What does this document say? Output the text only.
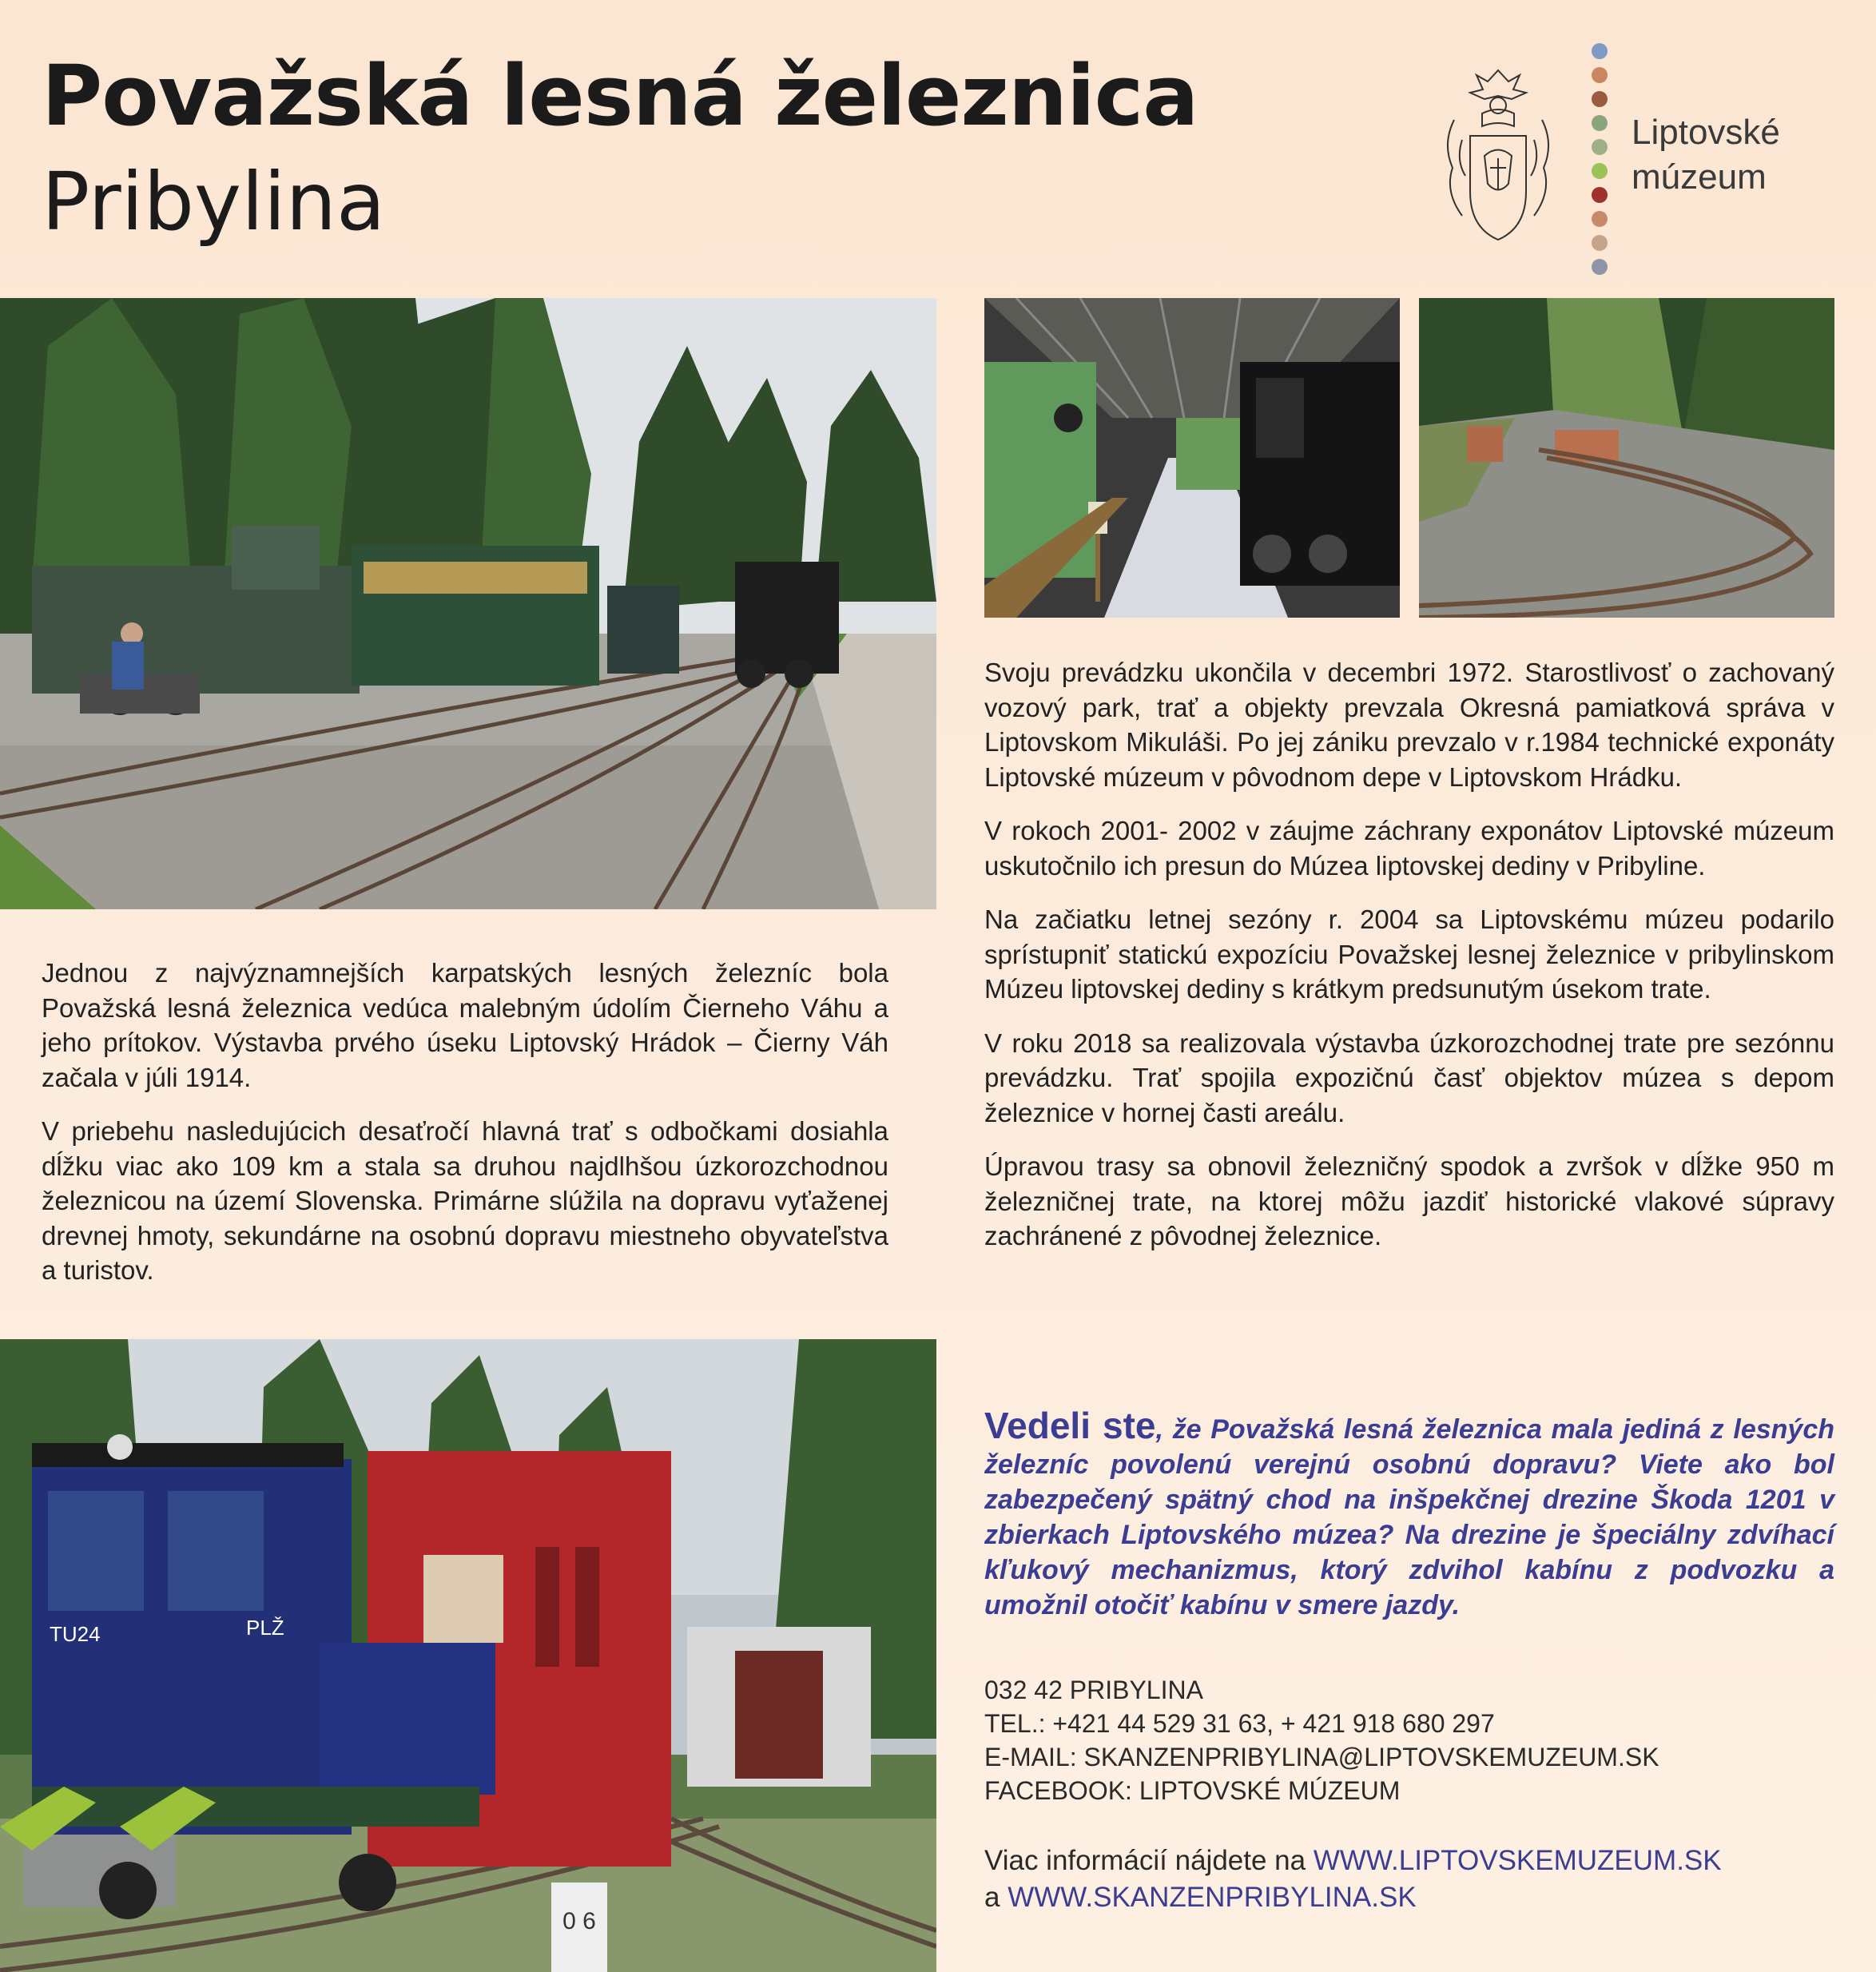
Považská lesná železnica
Pribylina
Liptovské
múzeum
0 6
TU24	PLŽ

Jednou z najvýznamnejších karpatských lesných železníc bola Považská lesná železnica vedúca malebným údolím Čierneho Váhu a jeho prítokov. Výstavba prvého úseku Liptovský Hrádok – Čierny Váh začala v júli 1914.

V priebehu nasledujúcich desaťročí hlavná trať s odbočkami dosiahla dĺžku viac ako 109 km a stala sa druhou najdlhšou úzkorozchodnou železnicou na území Slovenska. Primárne slúžila na dopravu vyťaženej drevnej hmoty, sekundárne na osobnú dopravu miestneho obyvateľstva a turistov.

Svoju prevádzku ukončila v decembri 1972. Starostlivosť o zachovaný vozový park, trať a objekty prevzala Okresná pamiatková správa v Liptovskom Mikuláši. Po jej zániku prevzalo v r.1984 technické exponáty Liptovské múzeum v pôvodnom depe v Liptovskom Hrádku.

V rokoch 2001- 2002 v záujme záchrany exponátov Liptovské múzeum uskutočnilo ich presun do Múzea liptovskej dediny v Pribyline.

Na začiatku letnej sezóny r. 2004 sa Liptovskému múzeu podarilo sprístupniť statickú expozíciu Považskej lesnej železnice v pribylinskom Múzeu liptovskej dediny s krátkym predsunutým úsekom trate.

V roku 2018 sa realizovala výstavba úzkorozchodnej trate pre sezónnu prevádzku. Trať spojila expozičnú časť objektov múzea s depom železnice v hornej časti areálu.

Úpravou trasy sa obnovil železničný spodok a zvršok v dĺžke 950 m železničnej trate, na ktorej môžu jazdiť historické vlakové súpravy zachránené z pôvodnej železnice.

Vedeli ste, že Považská lesná železnica mala jediná z lesných železníc povolenú verejnú osobnú dopravu? Viete ako bol zabezpečený spätný chod na inšpekčnej drezine Škoda 1201 v zbierkach Liptovského múzea? Na drezine je špeciálny zdvíhací kľukový mechanizmus, ktorý zdvihol kabínu z podvozku a umožnil otočiť kabínu v smere jazdy.
032 42 PRIBYLINA
TEL.: +421 44 529 31 63, + 421 918 680 297
E-MAIL: SKANZENPRIBYLINA@LIPTOVSKEMUZEUM.SK
FACEBOOK: LIPTOVSKÉ MÚZEUM
Viac informácií nájdete na WWW.LIPTOVSKEMUZEUM.SK
a WWW.SKANZENPRIBYLINA.SK
